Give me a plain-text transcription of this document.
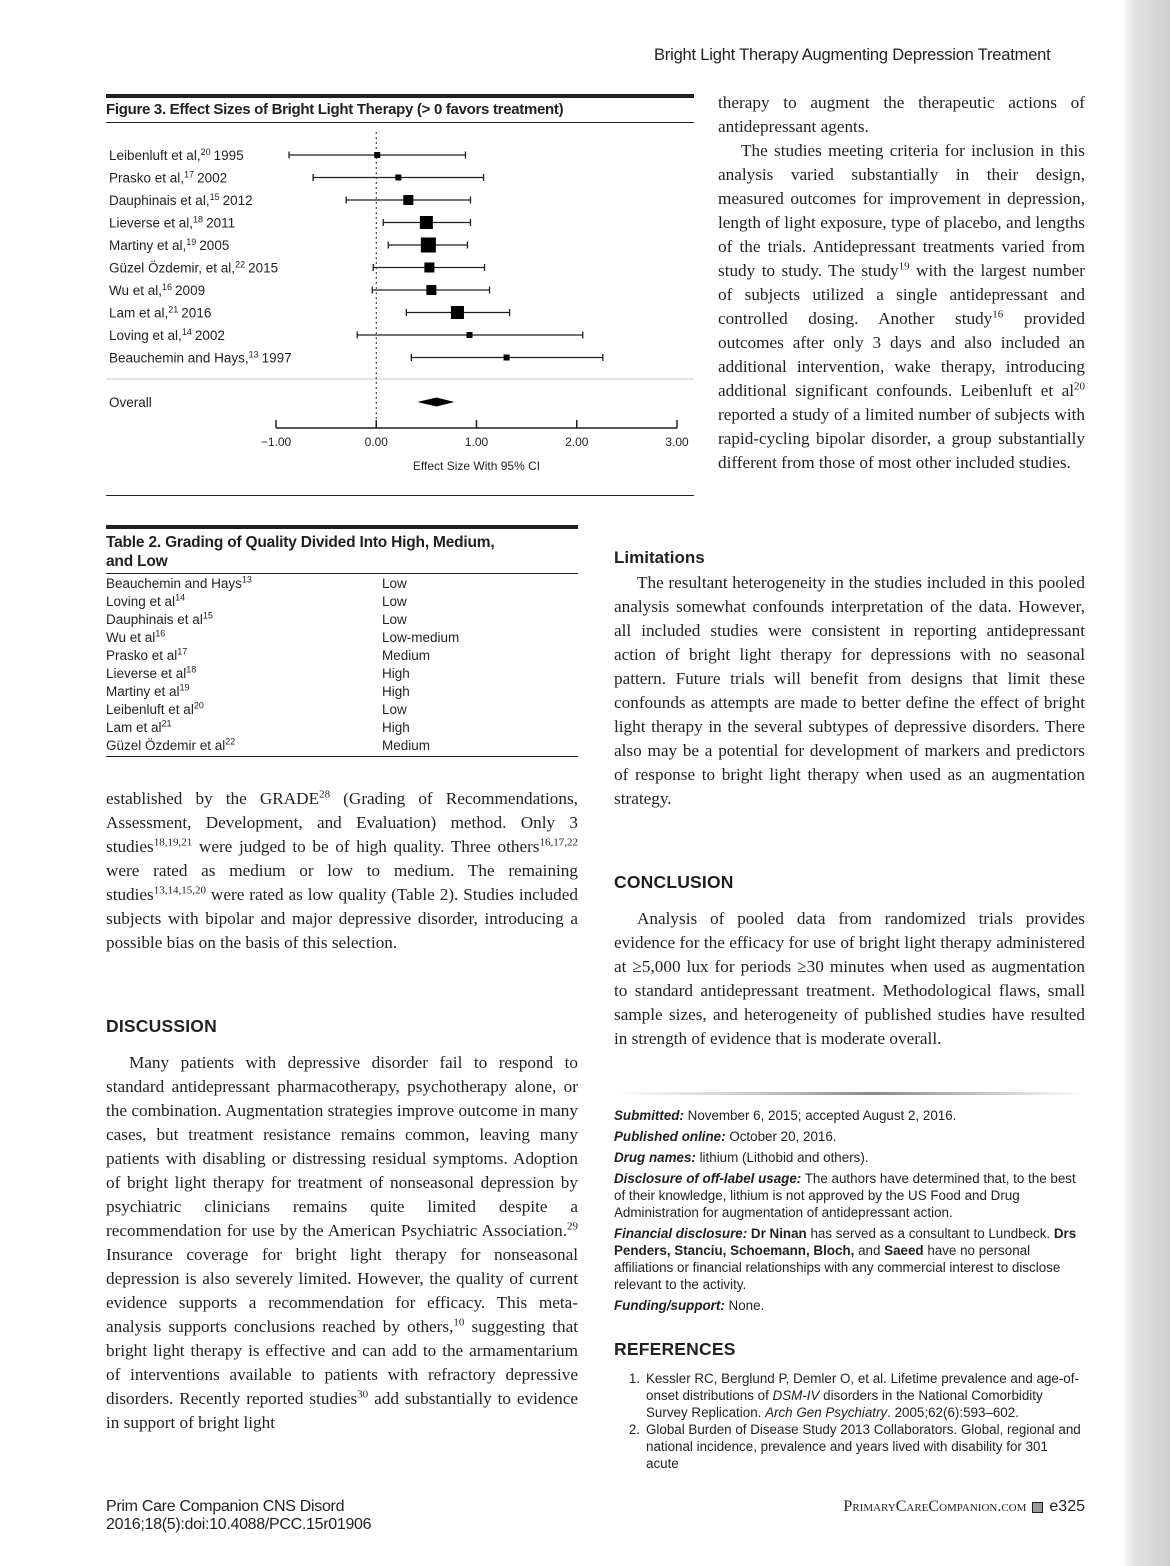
Bright Light Therapy Augmenting Depression Treatment
Figure 3. Effect Sizes of Bright Light Therapy (> 0 favors treatment)
Leibenluft et al,$^{20}$ 1995
Prasko et al,$^{17}$ 2002
Dauphinais et al,$^{15}$ 2012
Lieverse et al,$^{18}$ 2011
Martiny et al,$^{19}$ 2005
Güzel Özdemir, et al,$^{22}$ 2015
Wu et al,$^{16}$ 2009
Lam et al,$^{21}$ 2016
Loving et al,$^{14}$ 2002
Beauchemin and Hays,$^{13}$ 1997
Overall
−1.00	0.00	1.00	2.00	3.00
Effect Size With 95% CI
Table 2. Grading of Quality Divided Into High, Medium,
and Low
Beauchemin and Hays$^{13}$	Low
Loving et $al^{14}$	Low
Dauphinais et $al^{15}$	Low
Wu et $al^{16}$	Low-medium
Prasko et $al^{17}$	Medium
Lieverse et $al^{18}$	High
Martiny et $al^{19}$	High
Leibenluft et $al^{20}$	Low
Lam et $al^{21}$	High
Güzel Özdemir et $al^{22}$	Medium

established by the GRADE$^{28}$ (Grading of Recommendations, Assessment, Development, and Evaluation) method. Only 3 studies$^{18,19,21}$ were judged to be of high quality. Three others$^{16,17,22}$ were rated as medium or low to medium. The remaining studies$^{13,14,15,20}$ were rated as low quality (Table 2). Studies included subjects with bipolar and major depressive disorder, introducing a possible bias on the basis of this selection.

DISCUSSION

Many patients with depressive disorder fail to respond to standard antidepressant pharmacotherapy, psychotherapy alone, or the combination. Augmentation strategies improve outcome in many cases, but treatment resistance remains common, leaving many patients with disabling or distressing residual symptoms. Adoption of bright light therapy for treatment of nonseasonal depression by psychiatric clinicians remains quite limited despite a recommendation for use by the American Psychiatric Association.$^{29}$ Insurance coverage for bright light therapy for nonseasonal depression is also severely limited. However, the quality of current evidence supports a recommendation for efficacy. This meta-analysis supports conclusions reached by others,$^{10}$ suggesting that bright light therapy is effective and can add to the armamentarium of interventions available to patients with refractory depressive disorders. Recently reported studies$^{30}$ add substantially to evidence in support of bright light

therapy to augment the therapeutic actions of antidepressant agents.

The studies meeting criteria for inclusion in this analysis varied substantially in their design, measured outcomes for improvement in depression, length of light exposure, type of placebo, and lengths of the trials. Antidepressant treatments varied from study to study. The study$^{19}$ with the largest number of subjects utilized a single antidepressant and controlled dosing. Another study$^{16}$ provided outcomes after only 3 days and also included an additional intervention, wake therapy, introducing additional significant confounds. Leibenluft et $al^{20}$ reported a study of a limited number of subjects with rapid-cycling bipolar disorder, a group substantially different from those of most other included studies.

Limitations

The resultant heterogeneity in the studies included in this pooled analysis somewhat confounds interpretation of the data. However, all included studies were consistent in reporting antidepressant action of bright light therapy for depressions with no seasonal pattern. Future trials will benefit from designs that limit these confounds as attempts are made to better define the effect of bright light therapy in the several subtypes of depressive disorders. There also may be a potential for development of markers and predictors of response to bright light therapy when used as an augmentation strategy.

CONCLUSION

Analysis of pooled data from randomized trials provides evidence for the efficacy for use of bright light therapy administered at ≥5,000 lux for periods ≥30 minutes when used as augmentation to standard antidepressant treatment. Methodological flaws, small sample sizes, and heterogeneity of published studies have resulted in strength of evidence that is moderate overall.

Submitted: November 6, 2015; accepted August 2, 2016.
Published online: October 20, 2016.
Drug names: lithium (Lithobid and others).
Disclosure of off-label usage: The authors have determined that, to the best of their knowledge, lithium is not approved by the US Food and Drug Administration for augmentation of antidepressant action.
Financial disclosure: Dr Ninan has served as a consultant to Lundbeck. Drs Penders, Stanciu, Schoemann, Bloch, and Saeed have no personal affiliations or financial relationships with any commercial interest to disclose relevant to the activity.
Funding/support: None.
REFERENCES
1. Kessler RC, Berglund P, Demler O, et al. Lifetime prevalence and age-of-onset distributions of DSM-IV disorders in the National Comorbidity Survey Replication. Arch Gen Psychiatry. 2005;62(6):593–602.
2. Global Burden of Disease Study 2013 Collaborators. Global, regional and national incidence, prevalence and years lived with disability for 301 acute
Prim Care Companion CNS Disord
2016;18(5):doi:10.4088/PCC.15r01906
PrimaryCareCompanion.com e325
